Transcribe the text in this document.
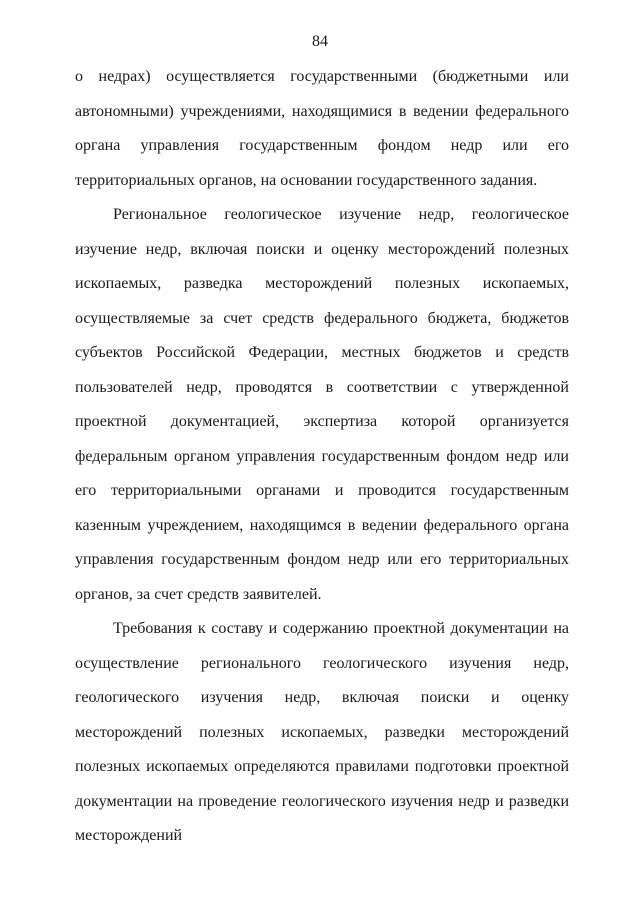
84

о недрах) осуществляется государственными (бюджетными или автономными) учреждениями, находящимися в ведении федерального органа управления государственным фондом недр или его территориальных органов, на основании государственного задания.

Региональное геологическое изучение недр, геологическое изучение недр, включая поиски и оценку месторождений полезных ископаемых, разведка месторождений полезных ископаемых, осуществляемые за счет средств федерального бюджета, бюджетов субъектов Российской Федерации, местных бюджетов и средств пользователей недр, проводятся в соответствии с утвержденной проектной документацией, экспертиза которой организуется федеральным органом управления государственным фондом недр или его территориальными органами и проводится государственным казенным учреждением, находящимся в ведении федерального органа управления государственным фондом недр или его территориальных органов, за счет средств заявителей.

Требования к составу и содержанию проектной документации на осуществление регионального геологического изучения недр, геологического изучения недр, включая поиски и оценку месторождений полезных ископаемых, разведки месторождений полезных ископаемых определяются правилами подготовки проектной документации на проведение геологического изучения недр и разведки месторождений
